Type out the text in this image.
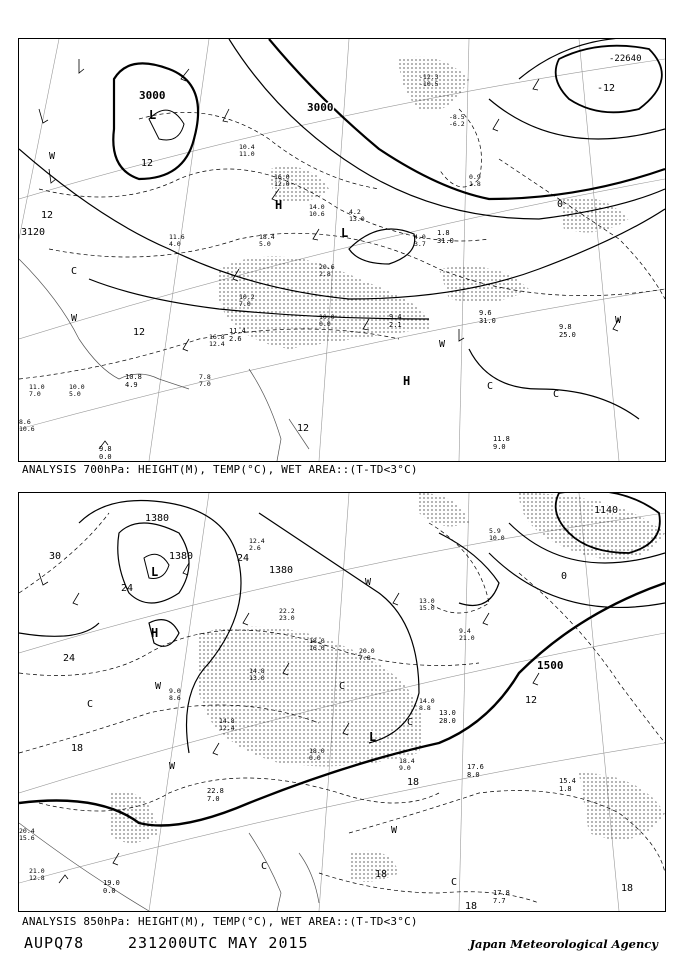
10.4
11.0
16.0
12.0
14.0
10.6	4.2
13.0
18.4
5.0
20.6
2.8
4.0
3.7
10.2
7.0
10.0
0.0
16.8
12.4
-12.3
-10.5
-8.5
-6.2
0.9
1.8
11.6
4.0
11.0
7.0
10.0
5.0
8.6
10.6
7.8
7.0
3000
3000
3120
12
12
12
0
12
-12
L
L
H
H
W
C
C
W
W
C
W
9.6
31.0
9.8
25.0
11.8
9.0
1.8
31.0
9.4
2.1
11.4
2.6
-22640
10.8
4.9
9.8
0.0
ANALYSIS 700hPa: HEIGHT(M), TEMP(°C), WET AREA::(T-TD<3°C)
12.4
2.6
22.2
23.0
18.0
16.0	20.0
7.8
14.8
13.0
13.0
15.0
9.4
21.0
14.0
8.8
14.8
12.4
18.0
0.0	18.4
9.0
5.9
10.0
20.4
15.6
21.0
12.8
9.0
8.6
1380
1380
1380
1500
1140
30
24
24
24
18
18
18
18
12
0
18
L
H
L
C
C
W
W
C
C
W
W
C
17.6
8.0
15.4
1.8
22.8
7.0
19.0
0.0	17.8
7.7
13.0
28.0
ANALYSIS 850hPa: HEIGHT(M), TEMP(°C), WET AREA::(T-TD<3°C)
AUPQ78	231200UTC MAY 2015	Japan Meteorological Agency
